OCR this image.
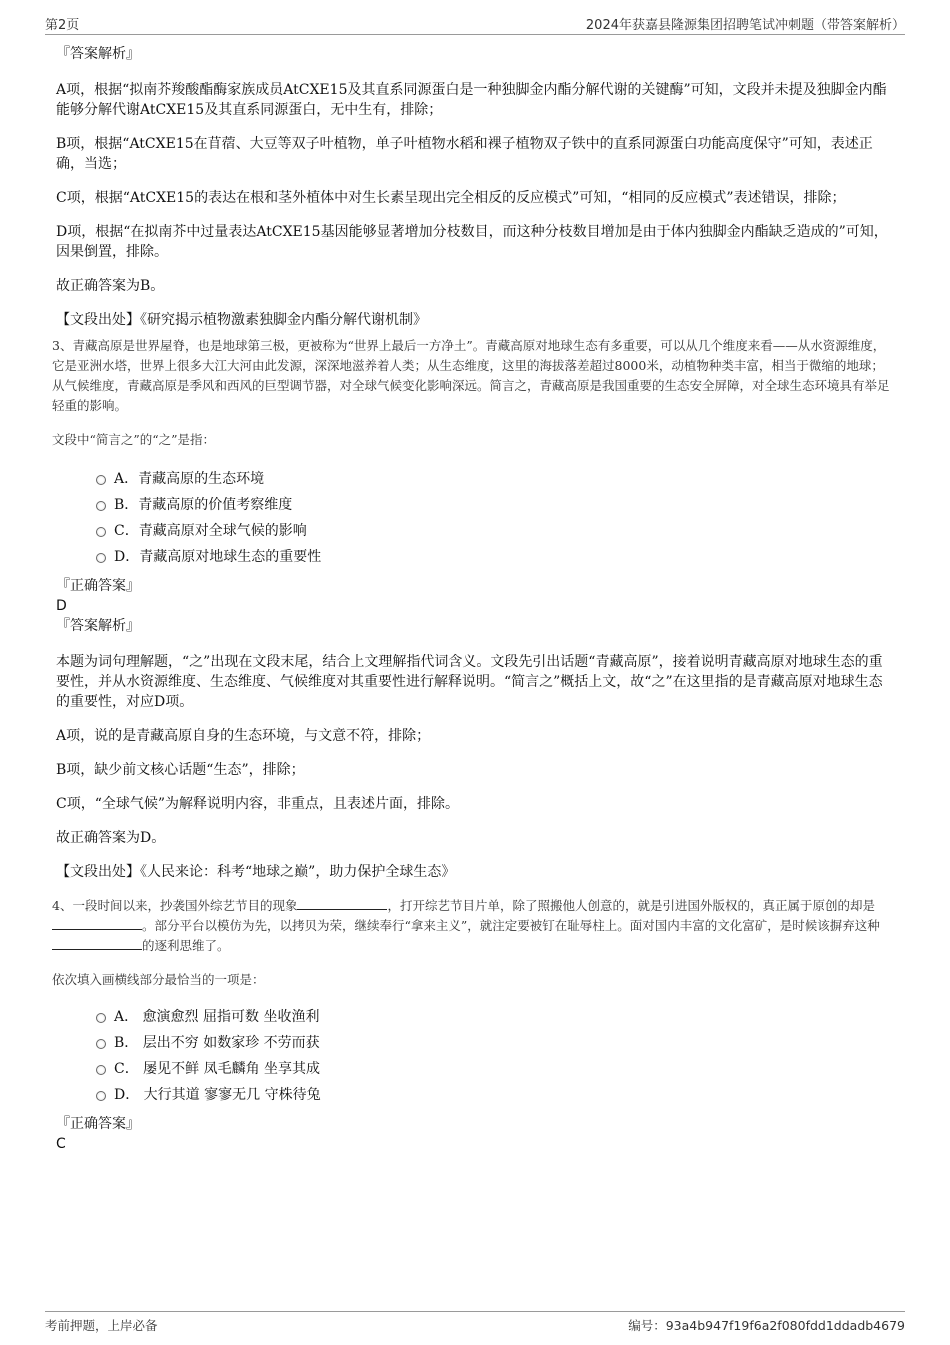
第2页	2024年获嘉县隆源集团招聘笔试冲刺题（带答案解析）

『答案解析』

A项，根据“拟南芥羧酸酯酶家族成员AtCXE15及其直系同源蛋白是一种独脚金内酯分解代谢的关键酶”可知，文段并未提及独脚金内酯能够分解代谢AtCXE15及其直系同源蛋白，无中生有，排除；

B项，根据“AtCXE15在苜蓿、大豆等双子叶植物，单子叶植物水稻和裸子植物双子铁中的直系同源蛋白功能高度保守”可知，表述正确，当选；

C项，根据“AtCXE15的表达在根和茎外植体中对生长素呈现出完全相反的反应模式”可知，“相同的反应模式”表述错误，排除；

D项，根据“在拟南芥中过量表达AtCXE15基因能够显著增加分枝数目，而这种分枝数目增加是由于体内独脚金内酯缺乏造成的”可知，因果倒置，排除。

故正确答案为B。

【文段出处】《研究揭示植物激素独脚金内酯分解代谢机制》

3、青藏高原是世界屋脊，也是地球第三极，更被称为“世界上最后一方净土”。青藏高原对地球生态有多重要，可以从几个维度来看——从水资源维度，它是亚洲水塔，世界上很多大江大河由此发源，深深地滋养着人类；从生态维度，这里的海拔落差超过8000米，动植物种类丰富，相当于微缩的地球；从气候维度，青藏高原是季风和西风的巨型调节器，对全球气候变化影响深远。简言之，青藏高原是我国重要的生态安全屏障，对全球生态环境具有举足轻重的影响。

文段中“简言之”的“之”是指：

A．青藏高原的生态环境
B．青藏高原的价值考察维度
C．青藏高原对全球气候的影响
D．青藏高原对地球生态的重要性

『正确答案』

D

『答案解析』

本题为词句理解题，“之”出现在文段末尾，结合上文理解指代词含义。文段先引出话题“青藏高原”，接着说明青藏高原对地球生态的重要性，并从水资源维度、生态维度、气候维度对其重要性进行解释说明。“简言之”概括上文，故“之”在这里指的是青藏高原对地球生态的重要性，对应D项。

A项，说的是青藏高原自身的生态环境，与文意不符，排除；

B项，缺少前文核心话题“生态”，排除；

C项，“全球气候”为解释说明内容，非重点，且表述片面，排除。

故正确答案为D。

【文段出处】《人民来论：科考“地球之巅”，助力保护全球生态》

4、一段时间以来，抄袭国外综艺节目的现象	，打开综艺节目片单，除了照搬他人创意的，就是引进国外版权的，真正属于原创的却是。部分平台以模仿为先，以拷贝为荣，继续奉行“拿来主义”，就注定要被钉在耻辱柱上。面对国内丰富的文化富矿，是时候该摒弃这种的逐利思维了。

依次填入画横线部分最恰当的一项是：

A． 愈演愈烈 屈指可数 坐收渔利
B． 层出不穷 如数家珍 不劳而获
C． 屡见不鲜 凤毛麟角 坐享其成
D． 大行其道 寥寥无几 守株待兔

『正确答案』

C

考前押题，上岸必备	编号：93a4b947f19f6a2f080fdd1ddadb4679
